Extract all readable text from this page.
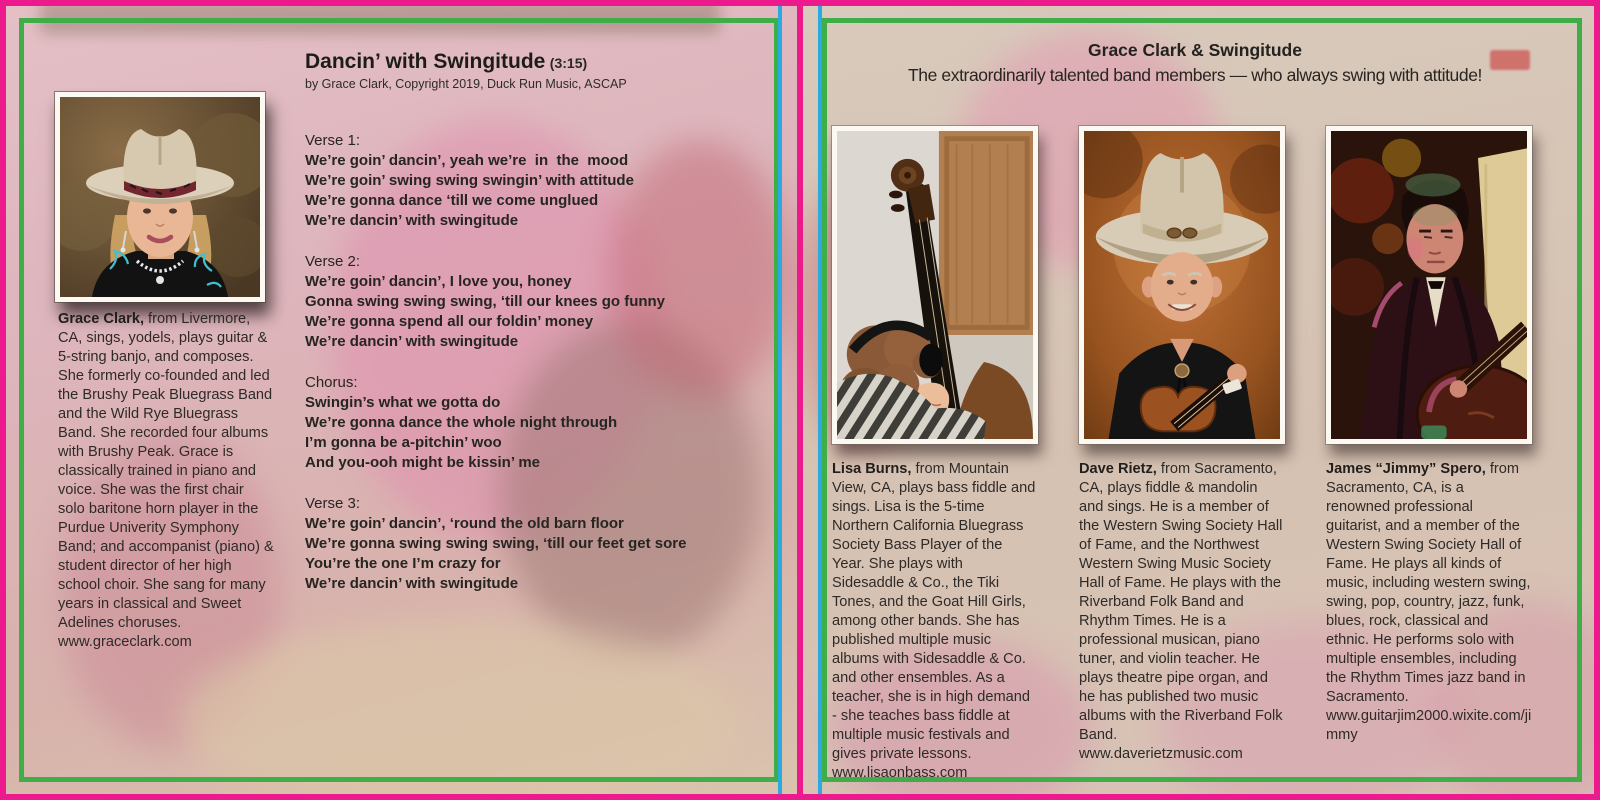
Grace Clark, from Livermore, CA, sings, yodels, plays guitar & 5-string banjo, and composes. She formerly co-founded and led the Brushy Peak Bluegrass Band and the Wild Rye Bluegrass Band. She recorded four albums with Brushy Peak. Grace is classically trained in piano and voice. She was the first chair solo baritone horn player in the Purdue Univerity Symphony Band; and accompanist (piano) & student director of her high school choir. She sang for many years in classical and Sweet Adelines choruses.
www.graceclark.com
Dancin’ with Swingitude (3:15)
by Grace Clark, Copyright 2019, Duck Run Music, ASCAP
Verse 1:
We’re goin’ dancin’, yeah we’re  in  the  mood
We’re goin’ swing swing swingin’ with attitude
We’re gonna dance ‘till we come unglued
We’re dancin’ with swingitude
Verse 2:
We’re goin’ dancin’, I love you, honey
Gonna swing swing swing, ‘till our knees go funny
We’re gonna spend all our foldin’ money
We’re dancin’ with swingitude
Chorus:
Swingin’s what we gotta do
We’re gonna dance the whole night through
I’m gonna be a-pitchin’ woo
And you-ooh might be kissin’ me
Verse 3:
We’re goin’ dancin’, ‘round the old barn floor
We’re gonna swing swing swing, ‘till our feet get sore
You’re the one I’m crazy for
We’re dancin’ with swingitude
Grace Clark & Swingitude
The extraordinarily talented band members — who always swing with attitude!
Lisa Burns, from Mountain View, CA, plays bass fiddle and sings. Lisa is the 5-time Northern California Bluegrass Society Bass Player of the Year. She plays with Sidesaddle & Co., the Tiki Tones, and the Goat Hill Girls, among other bands. She has published multiple music albums with Sidesaddle & Co. and other ensembles. As a teacher, she is in high demand - she teaches bass fiddle at multiple music festivals and gives private lessons.
www.lisaonbass.com
Dave Rietz, from Sacramento, CA, plays fiddle & mandolin and sings. He is a member of the Western Swing Society Hall of Fame, and the Northwest Western Swing Music Society Hall of Fame. He plays with the Riverband Folk Band and Rhythm Times. He is a professional musican, piano tuner, and violin teacher. He plays theatre pipe organ, and he has published two music albums with the Riverband Folk Band.
www.daverietzmusic.com
James “Jimmy” Spero, from Sacramento, CA, is a renowned professional guitarist, and a member of the Western Swing Society Hall of Fame. He plays all kinds of music, including western swing, swing, pop, country, jazz, funk, blues, rock, classical and ethnic. He performs solo with multiple ensembles, including the Rhythm Times jazz band in Sacramento.
www.guitarjim2000.wixite.com/jimmy
